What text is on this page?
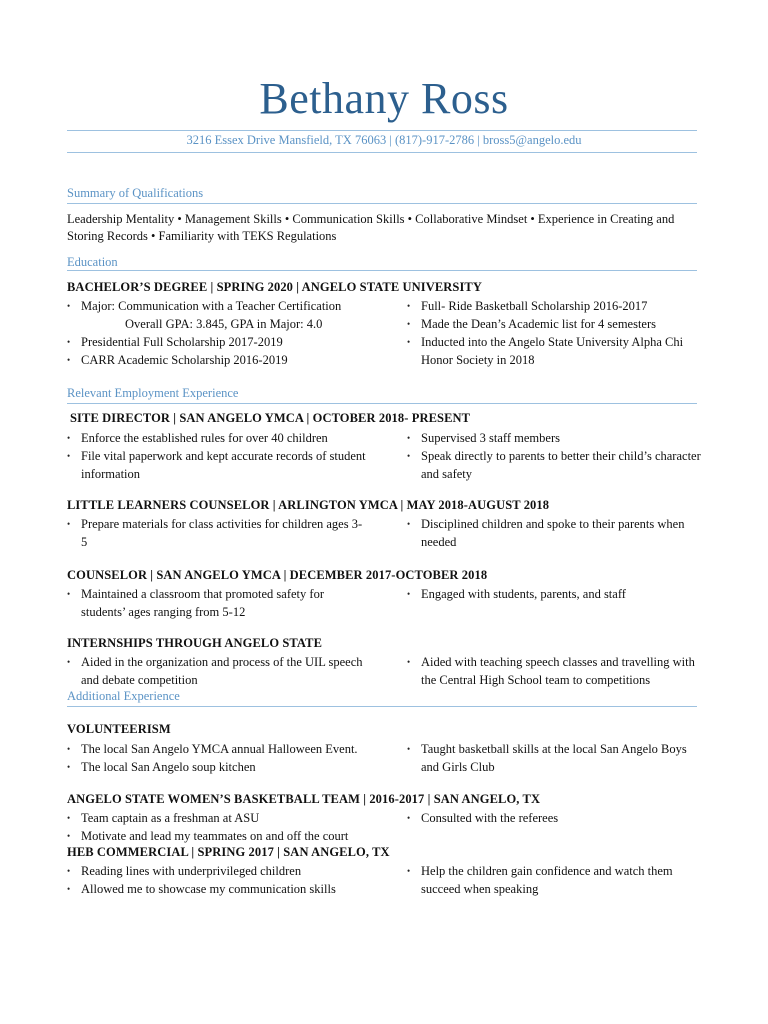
Bethany Ross
3216 Essex Drive Mansfield, TX 76063 | (817)-917-2786 | bross5@angelo.edu
Summary of Qualifications
Leadership Mentality • Management Skills • Communication Skills • Collaborative Mindset • Experience in Creating and Storing Records • Familiarity with TEKS Regulations
Education
BACHELOR’S DEGREE | SPRING 2020 | ANGELO STATE UNIVERSITY
• Major: Communication with a Teacher Certification
Overall GPA: 3.845, GPA in Major: 4.0
• Presidential Full Scholarship 2017-2019
• CARR Academic Scholarship 2016-2019
• Full- Ride Basketball Scholarship 2016-2017
• Made the Dean’s Academic list for 4 semesters
• Inducted into the Angelo State University Alpha Chi Honor Society in 2018
Relevant Employment Experience
SITE DIRECTOR | SAN ANGELO YMCA | OCTOBER 2018- PRESENT
• Enforce the established rules for over 40 children
• File vital paperwork and kept accurate records of student information
• Supervised 3 staff members
• Speak directly to parents to better their child’s character and safety
LITTLE LEARNERS COUNSELOR | ARLINGTON YMCA | MAY 2018-AUGUST 2018
• Prepare materials for class activities for children ages 3-5
• Disciplined children and spoke to their parents when needed
COUNSELOR | SAN ANGELO YMCA | DECEMBER 2017-OCTOBER 2018
• Maintained a classroom that promoted safety for students’ ages ranging from 5-12
• Engaged with students, parents, and staff
INTERNSHIPS THROUGH ANGELO STATE
• Aided in the organization and process of the UIL speech and debate competition
• Aided with teaching speech classes and travelling with the Central High School team to competitions
Additional Experience
VOLUNTEERISM
• The local San Angelo YMCA annual Halloween Event.
• The local San Angelo soup kitchen
• Taught basketball skills at the local San Angelo Boys and Girls Club
ANGELO STATE WOMEN’S BASKETBALL TEAM | 2016-2017 | SAN ANGELO, TX
• Team captain as a freshman at ASU
• Motivate and lead my teammates on and off the court
• Consulted with the referees
HEB COMMERCIAL | SPRING 2017 | SAN ANGELO, TX
• Reading lines with underprivileged children
• Allowed me to showcase my communication skills
• Help the children gain confidence and watch them succeed when speaking
